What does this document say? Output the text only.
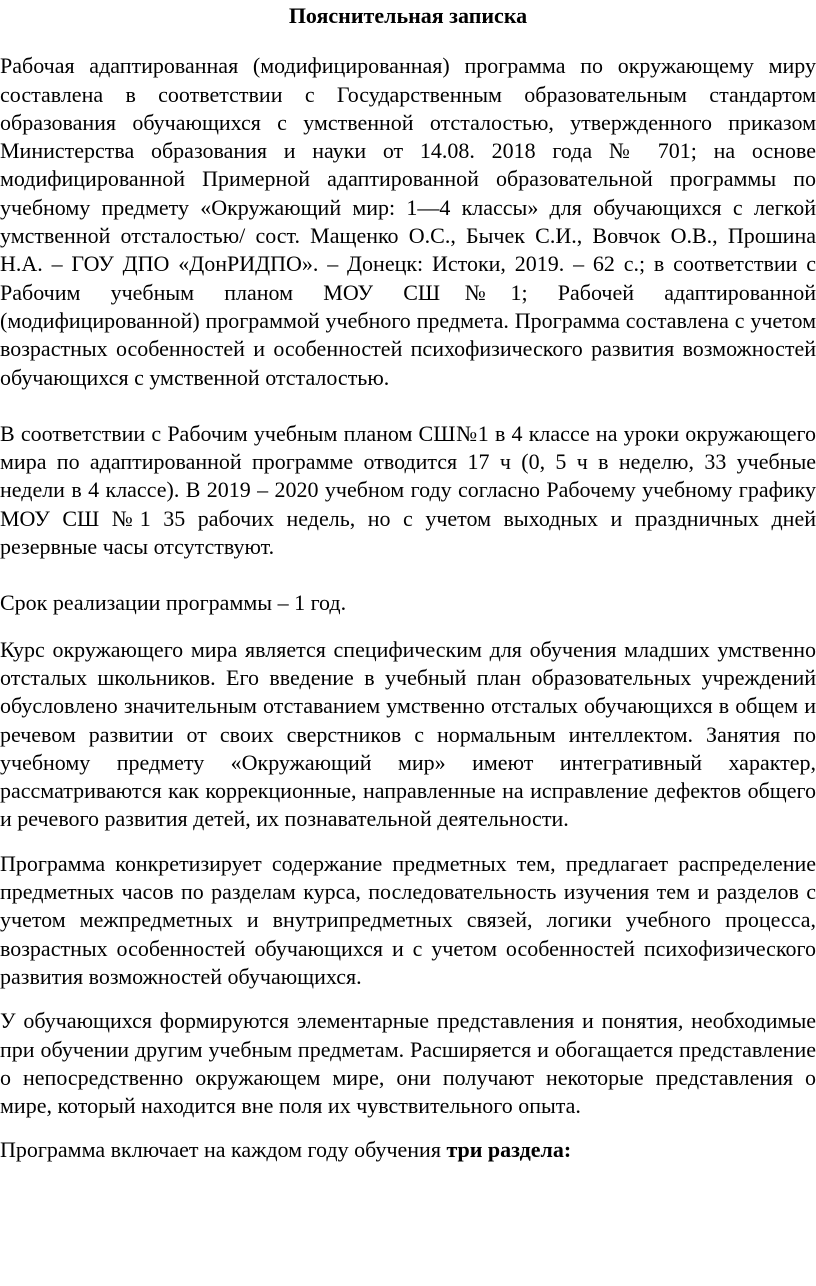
Пояснительная записка

Рабочая адаптированная (модифицированная) программа по окружающему миру составлена в соответствии с Государственным образовательным стандартом образования обучающихся с умственной отсталостью, утвержденного приказом Министерства образования и науки от 14.08. 2018 года № 701; на основе модифицированной Примерной адаптированной образовательной программы по учебному предмету «Окружающий мир: 1—4 классы» для обучающихся с легкой умственной отсталостью/ сост. Мащенко О.С., Бычек С.И., Вовчок О.В., Прошина Н.А. – ГОУ ДПО «ДонРИДПО». – Донецк: Истоки, 2019. – 62 с.; в соответствии с Рабочим учебным планом МОУ СШ№1; Рабочей адаптированной (модифицированной) программой учебного предмета. Программа составлена с учетом возрастных особенностей и особенностей психофизического развития возможностей обучающихся с умственной отсталостью.

В соответствии с Рабочим учебным планом СШ№1 в 4 классе на уроки окружающего мира по адаптированной программе отводится 17 ч (0, 5 ч в неделю, 33 учебные недели в 4 классе). В 2019 – 2020 учебном году согласно Рабочему учебному графику МОУ СШ №1 35 рабочих недель, но с учетом выходных и праздничных дней резервные часы отсутствуют.

Срок реализации программы – 1 год.

Курс окружающего мира является специфическим для обучения младших умственно отсталых школьников. Его введение в учебный план образовательных учреждений обусловлено значительным отставанием умственно отсталых обучающихся в общем и речевом развитии от своих сверстников с нормальным интеллектом. Занятия по учебному предмету «Окружающий мир» имеют интегративный характер, рассматриваются как коррекционные, направленные на исправление дефектов общего и речевого развития детей, их познавательной деятельности.

Программа конкретизирует содержание предметных тем, предлагает распределение предметных часов по разделам курса, последовательность изучения тем и разделов с учетом межпредметных и внутрипредметных связей, логики учебного процесса, возрастных особенностей обучающихся и с учетом особенностей психофизического развития возможностей обучающихся.

У обучающихся формируются элементарные представления и понятия, необходимые при обучении другим учебным предметам. Расширяется и обогащается представление о непосредственно окружающем мире, они получают некоторые представления о мире, который находится вне поля их чувствительного опыта.

Программа включает на каждом году обучения три раздела:
